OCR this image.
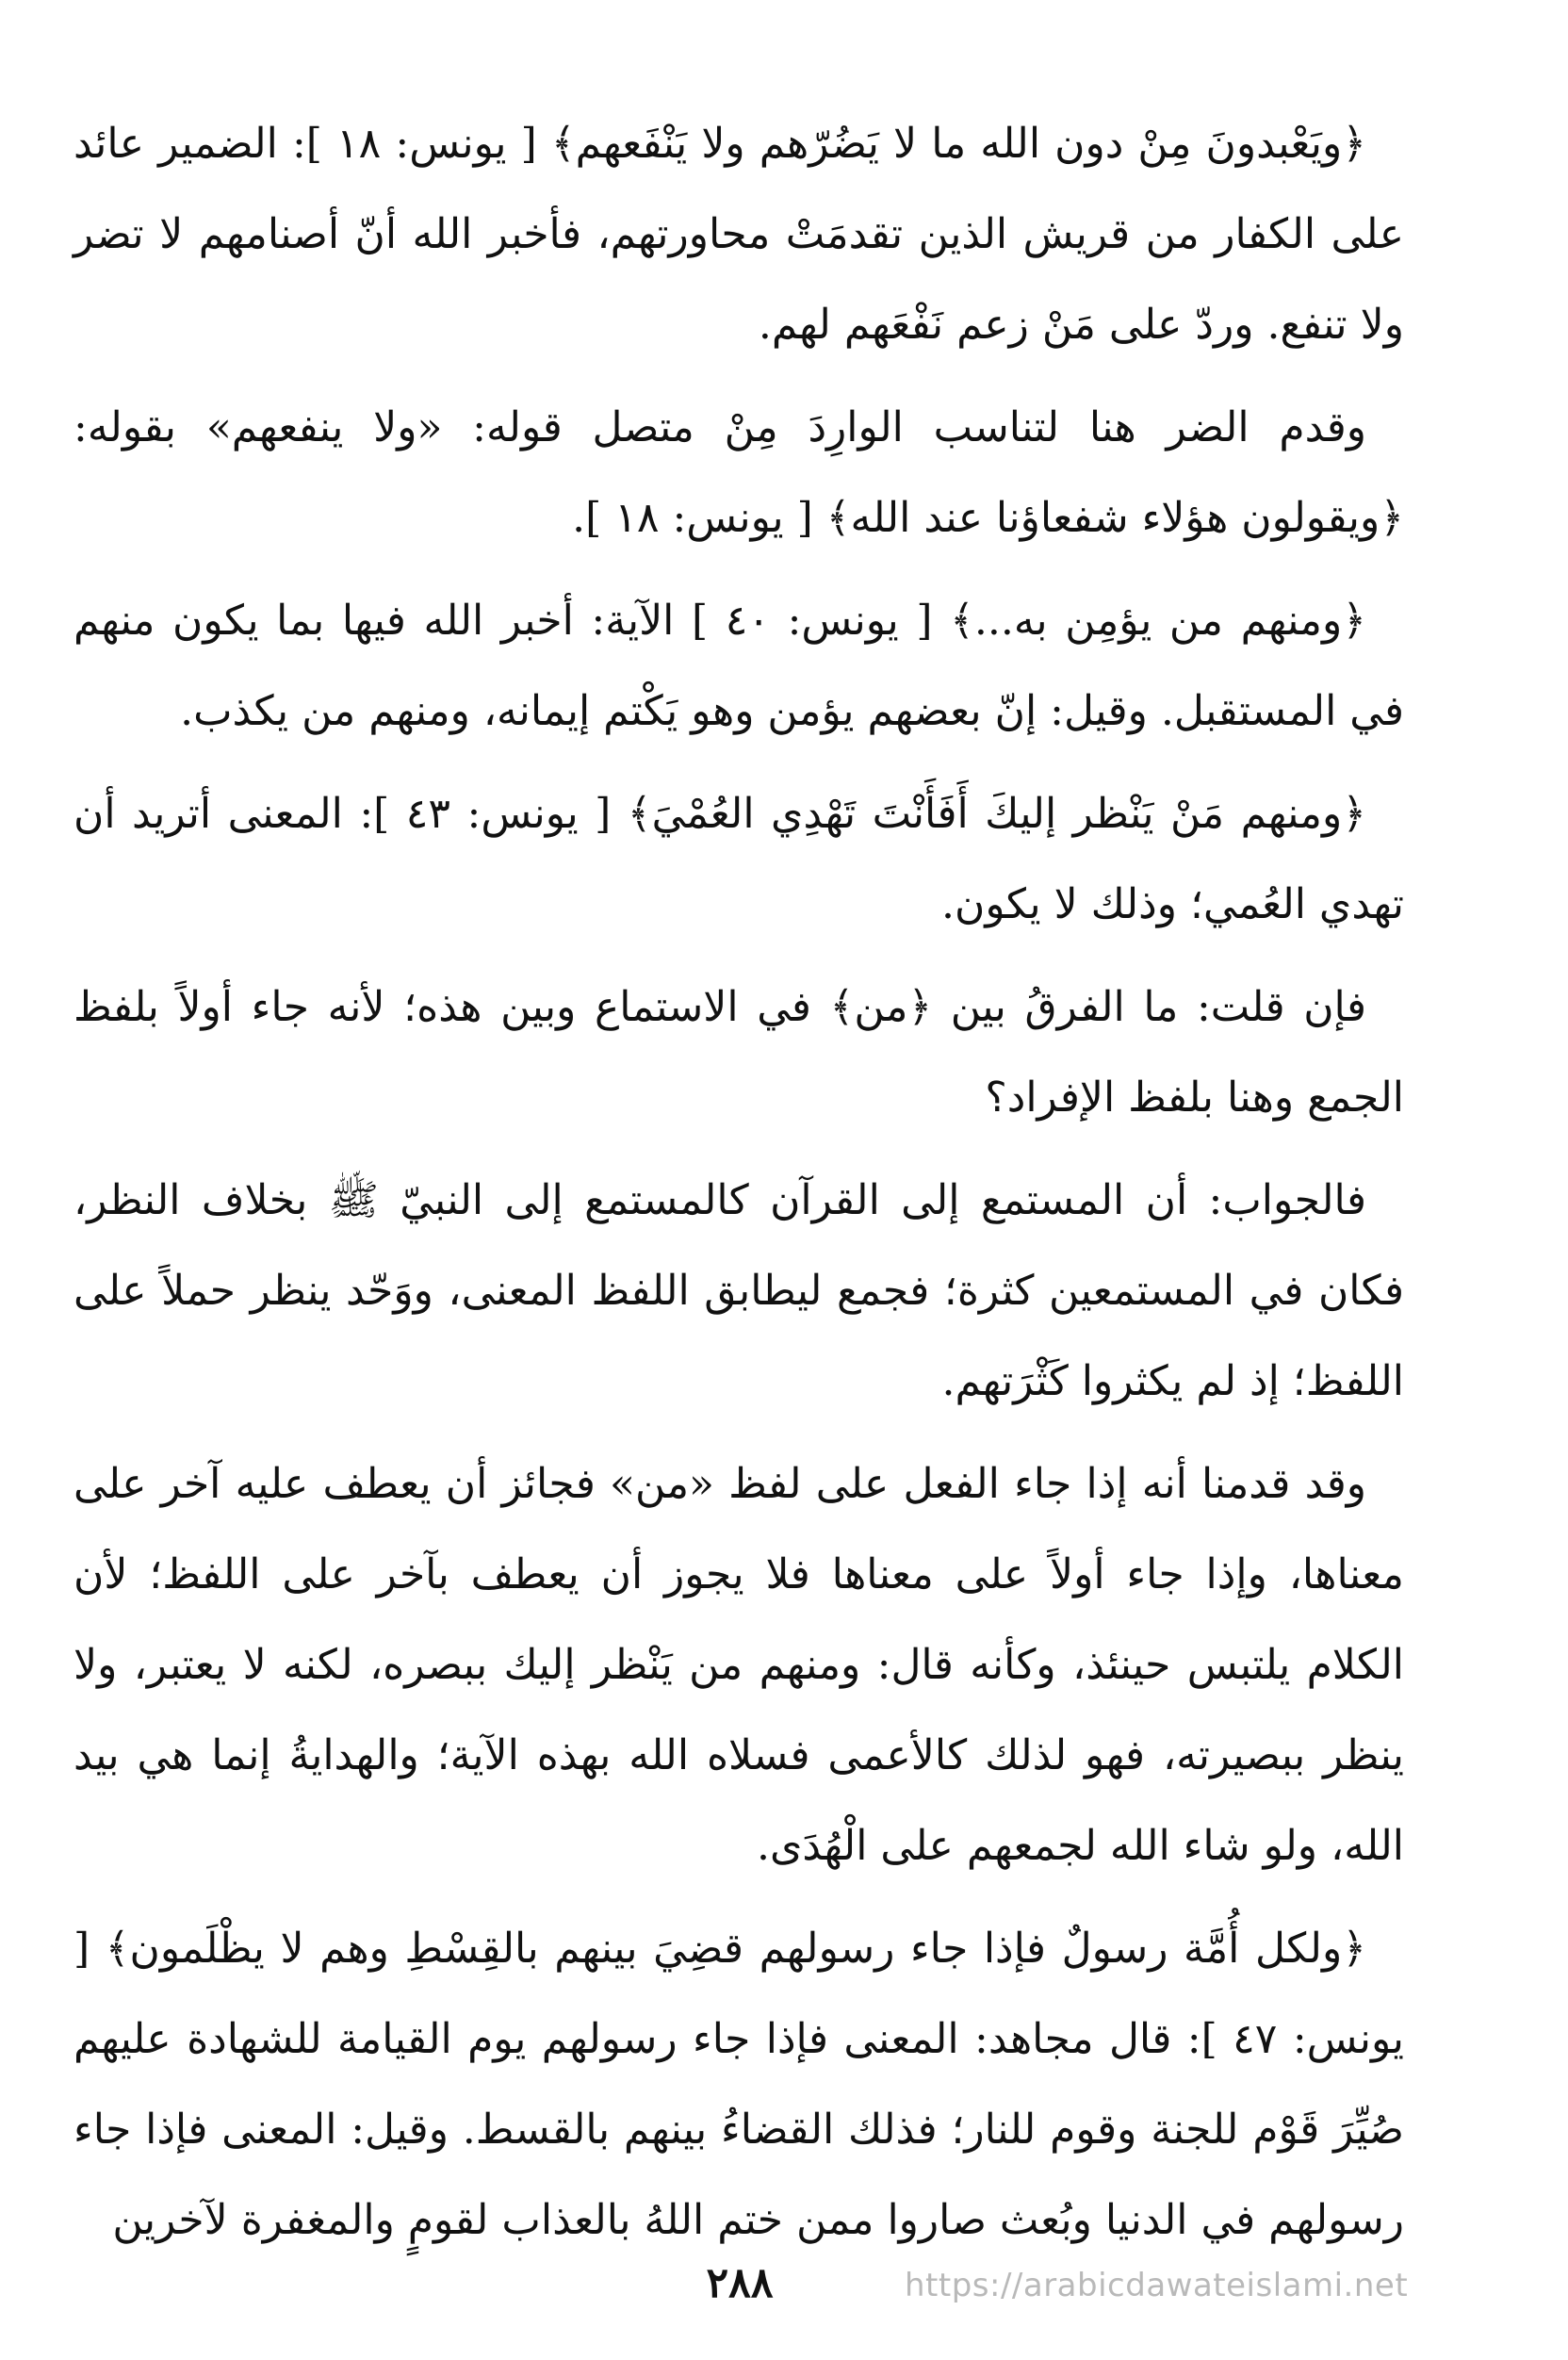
﴿ويَعْبدونَ مِنْ دون الله ما لا يَضُرّهم ولا يَنْفَعهم﴾ [ يونس: ١٨ ]: الضمير عائد على الكفار من قريش الذين تقدمَتْ محاورتهم، فأخبر الله أنّ أصنامهم لا تضر ولا تنفع. وردّ على مَنْ زعم نَفْعَهم لهم.

وقدم الضر هنا لتناسب الوارِدَ مِنْ متصل قوله: «ولا ينفعهم» بقوله: ﴿ويقولون هؤلاء شفعاؤنا عند الله﴾ [ يونس: ١٨ ].

﴿ومنهم من يؤمِن به...﴾ [ يونس: ٤٠ ] الآية: أخبر الله فيها بما يكون منهم في المستقبل. وقيل: إنّ بعضهم يؤمن وهو يَكْتم إيمانه، ومنهم من يكذب.

﴿ومنهم مَنْ يَنْظر إليكَ أَفَأَنْتَ تَهْدِي العُمْيَ﴾ [ يونس: ٤٣ ]: المعنى أتريد أن تهدي العُمي؛ وذلك لا يكون.

فإن قلت: ما الفرقُ بين ﴿من﴾ في الاستماع وبين هذه؛ لأنه جاء أولاً بلفظ الجمع وهنا بلفظ الإفراد؟

فالجواب: أن المستمع إلى القرآن كالمستمع إلى النبيّ ﷺ بخلاف النظر، فكان في المستمعين كثرة؛ فجمع ليطابق اللفظ المعنى، ووَحّد ينظر حملاً على اللفظ؛ إذ لم يكثروا كَثْرَتهم.

وقد قدمنا أنه إذا جاء الفعل على لفظ «من» فجائز أن يعطف عليه آخر على معناها، وإذا جاء أولاً على معناها فلا يجوز أن يعطف بآخر على اللفظ؛ لأن الكلام يلتبس حينئذ، وكأنه قال: ومنهم من يَنْظر إليك ببصره، لكنه لا يعتبر، ولا ينظر ببصيرته، فهو لذلك كالأعمى فسلاه الله بهذه الآية؛ والهدايةُ إنما هي بيد الله، ولو شاء الله لجمعهم على الْهُدَى.

﴿ولكل أُمَّة رسولٌ فإذا جاء رسولهم قضِيَ بينهم بالقِسْطِ وهم لا يظْلَمون﴾ [ يونس: ٤٧ ]: قال مجاهد: المعنى فإذا جاء رسولهم يوم القيامة للشهادة عليهم صُيِّرَ قَوْم للجنة وقوم للنار؛ فذلك القضاءُ بينهم بالقسط. وقيل: المعنى فإذا جاء رسولهم في الدنيا وبُعث صاروا ممن ختم اللهُ بالعذاب لقومٍ والمغفرة لآخرين

٢٨٨	https://arabicdawateislami.net
